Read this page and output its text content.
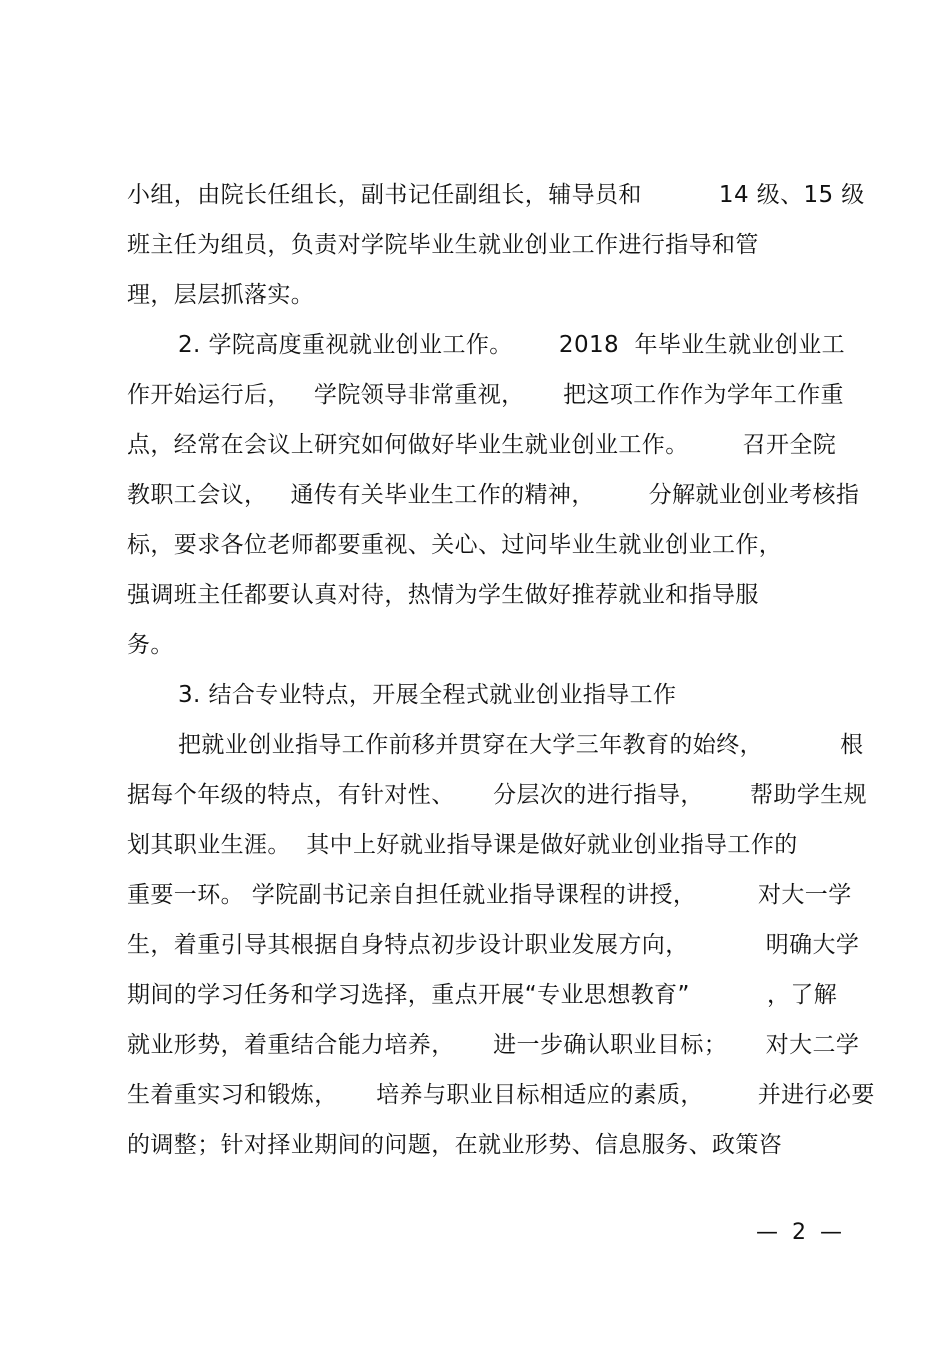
小组，由院长任组长，副书记任副组长，辅导员和          14 级、15 级
班主任为组员，负责对学院毕业生就业创业工作进行指导和管
理，层层抓落实。
2. 学院高度重视就业创业工作。      2018  年毕业生就业创业工
作开始运行后，   学院领导非常重视，     把这项工作作为学年工作重
点，经常在会议上研究如何做好毕业生就业创业工作。       召开全院
教职工会议，   通传有关毕业生工作的精神，       分解就业创业考核指
标，要求各位老师都要重视、关心、过问毕业生就业创业工作，
强调班主任都要认真对待，热情为学生做好推荐就业和指导服
务。
3. 结合专业特点，开展全程式就业创业指导工作
把就业创业指导工作前移并贯穿在大学三年教育的始终，          根
据每个年级的特点，有针对性、     分层次的进行指导，      帮助学生规
划其职业生涯。  其中上好就业指导课是做好就业创业指导工作的
重要一环。 学院副书记亲自担任就业指导课程的讲授，        对大一学
生，着重引导其根据自身特点初步设计职业发展方向，          明确大学
期间的学习任务和学习选择，重点开展“专业思想教育”          ，了解
就业形势，着重结合能力培养，     进一步确认职业目标；     对大二学
生着重实习和锻炼，     培养与职业目标相适应的素质，       并进行必要
的调整；针对择业期间的问题，在就业形势、信息服务、政策咨
—  2  —
